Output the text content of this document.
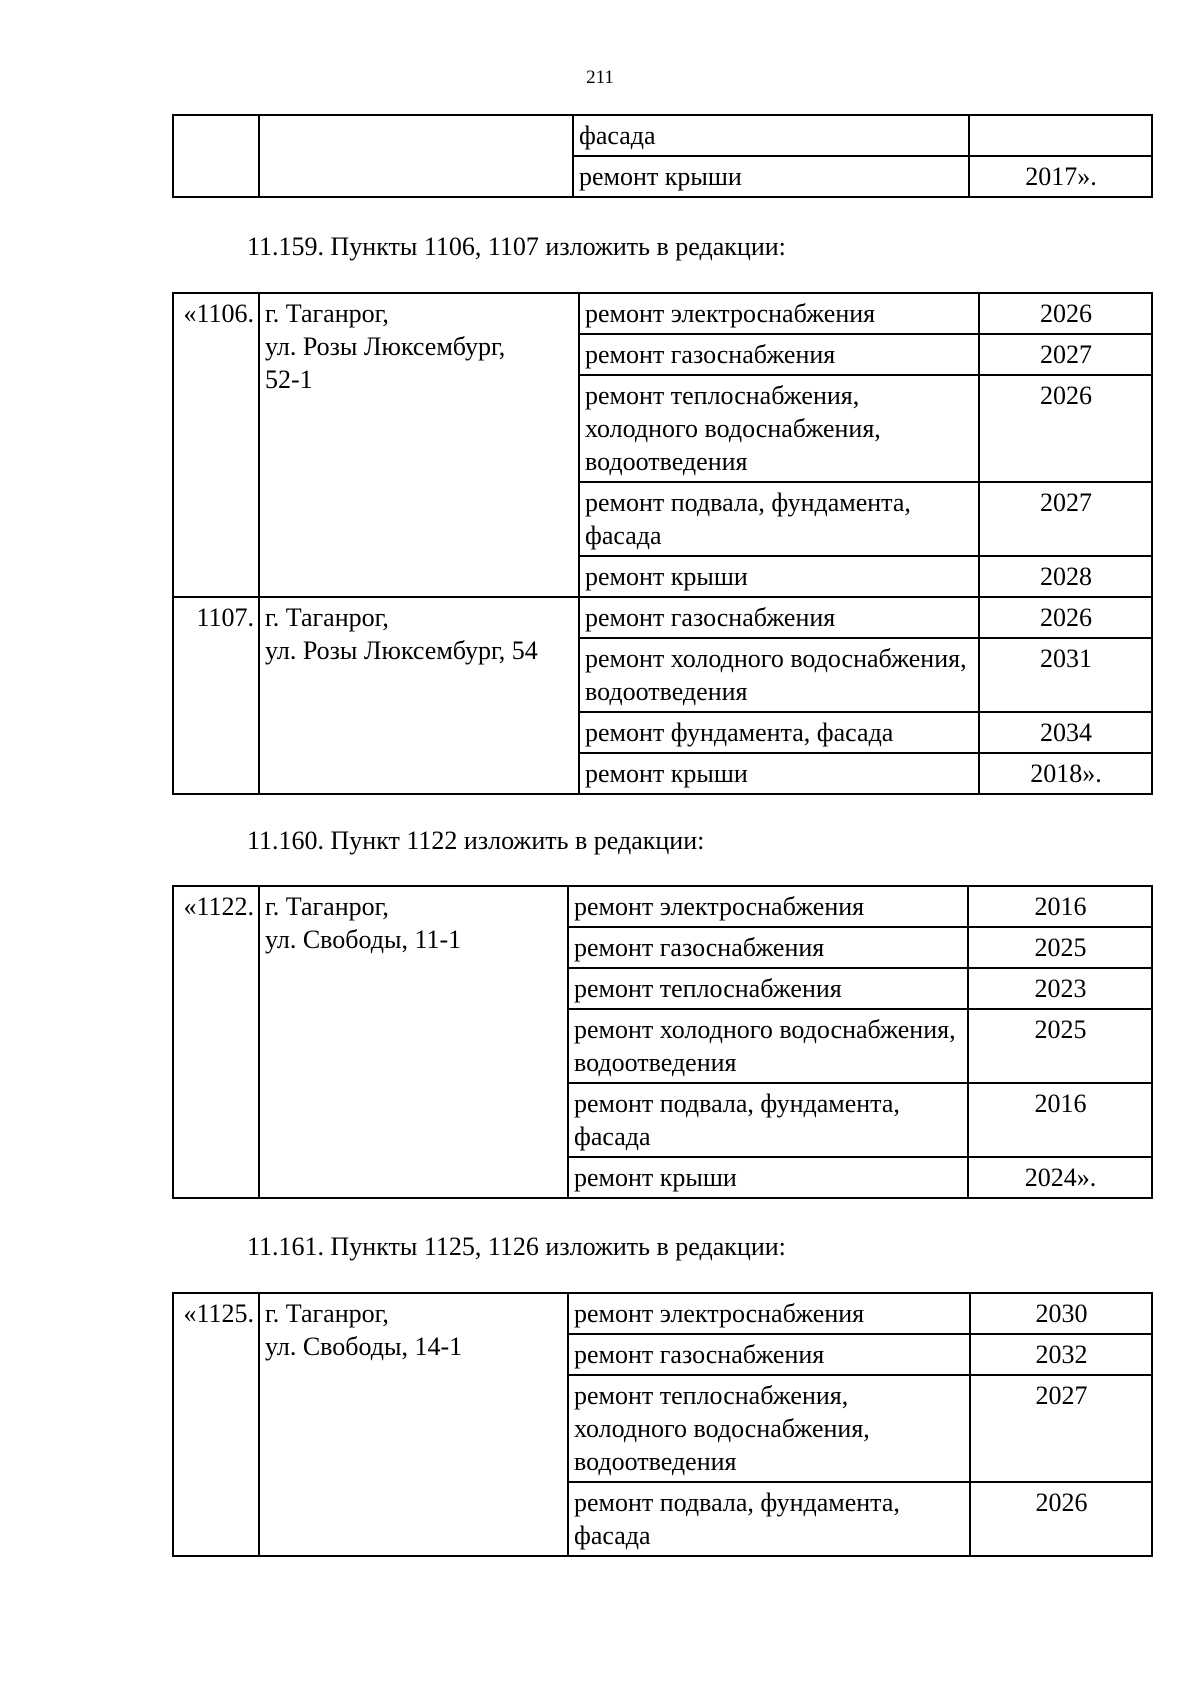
211
		фасада	
		ремонт крыши	2017».
11.159. Пункты 1106, 1107 изложить в редакции:
«1106.	г. Таганрог,
ул. Розы Люксембург,
52-1	ремонт электроснабжения	2026
		ремонт газоснабжения	2027
		ремонт теплоснабжения, холодного водоснабжения, водоотведения	2026
		ремонт подвала, фундамента, фасада	2027
		ремонт крыши	2028
1107.	г. Таганрог,
ул. Розы Люксембург, 54	ремонт газоснабжения	2026
		ремонт холодного водоснабжения, водоотведения	2031
		ремонт фундамента, фасада	2034
		ремонт крыши	2018».
11.160. Пункт 1122 изложить в редакции:
«1122.	г. Таганрог,
ул. Свободы, 11-1	ремонт электроснабжения	2016
		ремонт газоснабжения	2025
		ремонт теплоснабжения	2023
		ремонт холодного водоснабжения, водоотведения	2025
		ремонт подвала, фундамента, фасада	2016
		ремонт крыши	2024».
11.161. Пункты 1125, 1126 изложить в редакции:
«1125.	г. Таганрог,
ул. Свободы, 14-1	ремонт электроснабжения	2030
		ремонт газоснабжения	2032
		ремонт теплоснабжения, холодного водоснабжения, водоотведения	2027
		ремонт подвала, фундамента, фасада	2026
